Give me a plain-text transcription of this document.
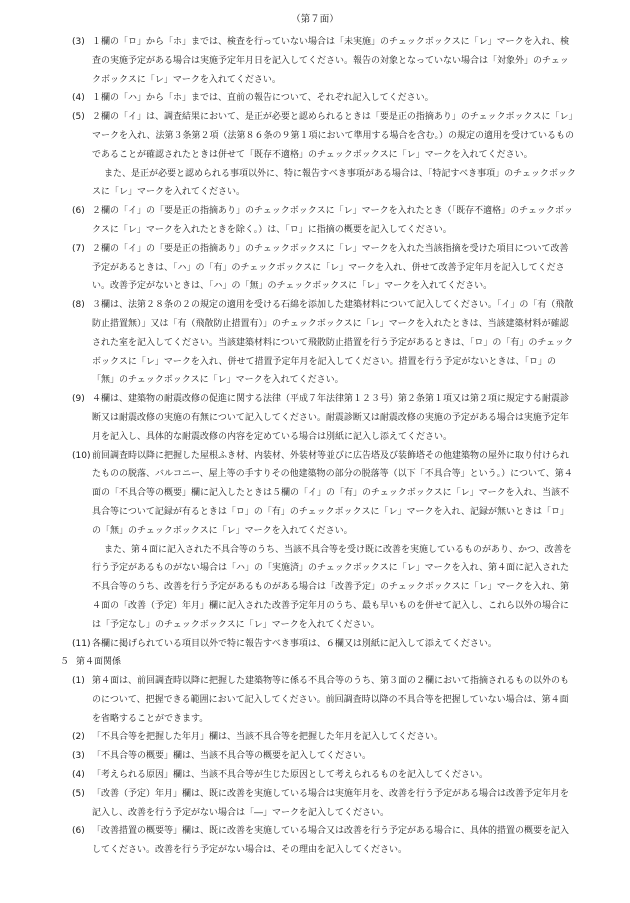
（第７面）
(3) １欄の「ロ」から「ホ」までは、検査を行っていない場合は「未実施」のチェックボックスに「レ」マークを入れ、検査の実施予定がある場合は実施予定年月日を記入してください。報告の対象となっていない場合は「対象外」のチェックボックスに「レ」マークを入れてください。
(4) １欄の「ハ」から「ホ」までは、直前の報告について、それぞれ記入してください。
(5) ２欄の「イ」は、調査結果において、是正が必要と認められるときは「要是正の指摘あり」のチェックボックスに「レ」マークを入れ、法第３条第２項（法第８６条の９第１項において準用する場合を含む。）の規定の適用を受けているものであることが確認されたときは併せて「既存不適格」のチェックボックスに「レ」マークを入れてください。
また、是正が必要と認められる事項以外に、特に報告すべき事項がある場合は、「特記すべき事項」のチェックボックスに「レ」マークを入れてください。
(6) ２欄の「イ」の「要是正の指摘あり」のチェックボックスに「レ」マークを入れたとき（「既存不適格」のチェックボックスに「レ」マークを入れたときを除く。）は、「ロ」に指摘の概要を記入してください。
(7) ２欄の「イ」の「要是正の指摘あり」のチェックボックスに「レ」マークを入れた当該指摘を受けた項目について改善予定があるときは、「ハ」の「有」のチェックボックスに「レ」マークを入れ、併せて改善予定年月を記入してください。改善予定がないときは、「ハ」の「無」のチェックボックスに「レ」マークを入れてください。
(8) ３欄は、法第２８条の２の規定の適用を受ける石綿を添加した建築材料について記入してください。「イ」の「有（飛散防止措置無）」又は「有（飛散防止措置有）」のチェックボックスに「レ」マークを入れたときは、当該建築材料が確認された室を記入してください。当該建築材料について飛散防止措置を行う予定があるときは、「ロ」の「有」のチェックボックスに「レ」マークを入れ、併せて措置予定年月を記入してください。措置を行う予定がないときは、「ロ」の「無」のチェックボックスに「レ」マークを入れてください。
(9) ４欄は、建築物の耐震改修の促進に関する法律（平成７年法律第１２３号）第２条第１項又は第２項に規定する耐震診断又は耐震改修の実施の有無について記入してください。耐震診断又は耐震改修の実施の予定がある場合は実施予定年月を記入し、具体的な耐震改修の内容を定めている場合は別紙に記入し添えてください。
(10) 前回調査時以降に把握した屋根ふき材、内装材、外装材等並びに広告塔及び装飾塔その他建築物の屋外に取り付けられたものの脱落、バルコニー、屋上等の手すりその他建築物の部分の脱落等（以下「不具合等」という。）について、第４面の「不具合等の概要」欄に記入したときは５欄の「イ」の「有」のチェックボックスに「レ」マークを入れ、当該不具合等について記録が有るときは「ロ」の「有」のチェックボックスに「レ」マークを入れ、記録が無いときは「ロ」の「無」のチェックボックスに「レ」マークを入れてください。
また、第４面に記入された不具合等のうち、当該不具合等を受け既に改善を実施しているものがあり、かつ、改善を行う予定があるものがない場合は「ハ」の「実施済」のチェックボックスに「レ」マークを入れ、第４面に記入された不具合等のうち、改善を行う予定があるものがある場合は「改善予定」のチェックボックスに「レ」マークを入れ、第４面の「改善（予定）年月」欄に記入された改善予定年月のうち、最も早いものを併せて記入し、これら以外の場合には「予定なし」のチェックボックスに「レ」マークを入れてください。
(11) 各欄に掲げられている項目以外で特に報告すべき事項は、６欄又は別紙に記入して添えてください。
５ 第４面関係
(1) 第４面は、前回調査時以降に把握した建築物等に係る不具合等のうち、第３面の２欄において指摘されるもの以外のものについて、把握できる範囲において記入してください。前回調査時以降の不具合等を把握していない場合は、第４面を省略することができます。
(2) 「不具合等を把握した年月」欄は、当該不具合等を把握した年月を記入してください。
(3) 「不具合等の概要」欄は、当該不具合等の概要を記入してください。
(4) 「考えられる原因」欄は、当該不具合等が生じた原因として考えられるものを記入してください。
(5) 「改善（予定）年月」欄は、既に改善を実施している場合は実施年月を、改善を行う予定がある場合は改善予定年月を記入し、改善を行う予定がない場合は「―」マークを記入してください。
(6) 「改善措置の概要等」欄は、既に改善を実施している場合又は改善を行う予定がある場合に、具体的措置の概要を記入してください。改善を行う予定がない場合は、その理由を記入してください。
